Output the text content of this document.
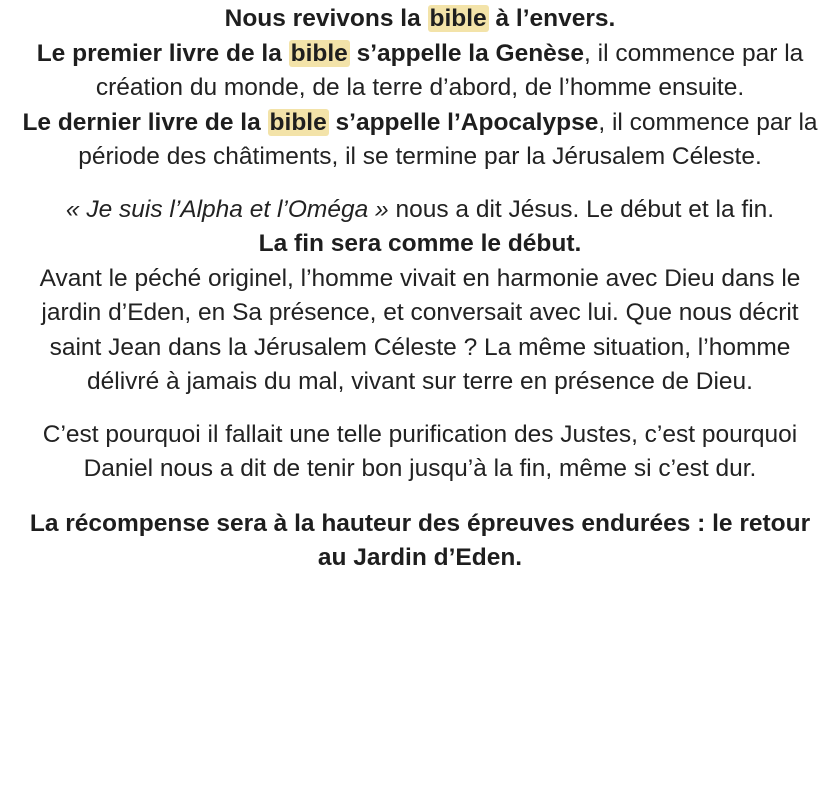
Nous revivons la bible à l’envers.

Le premier livre de la bible s’appelle la Genèse, il commence par la création du monde, de la terre d’abord, de l’homme ensuite.

Le dernier livre de la bible s’appelle l’Apocalypse, il commence par la période des châtiments, il se termine par la Jérusalem Céleste.

« Je suis l’Alpha et l’Oméga » nous a dit Jésus. Le début et la fin.

La fin sera comme le début.

Avant le péché originel, l’homme vivait en harmonie avec Dieu dans le jardin d’Eden, en Sa présence, et conversait avec lui. Que nous décrit saint Jean dans la Jérusalem Céleste ? La même situation, l’homme délivré à jamais du mal, vivant sur terre en présence de Dieu.

C’est pourquoi il fallait une telle purification des Justes, c’est pourquoi Daniel nous a dit de tenir bon jusqu’à la fin, même si c’est dur.

La récompense sera à la hauteur des épreuves endurées : le retour au Jardin d’Eden.
